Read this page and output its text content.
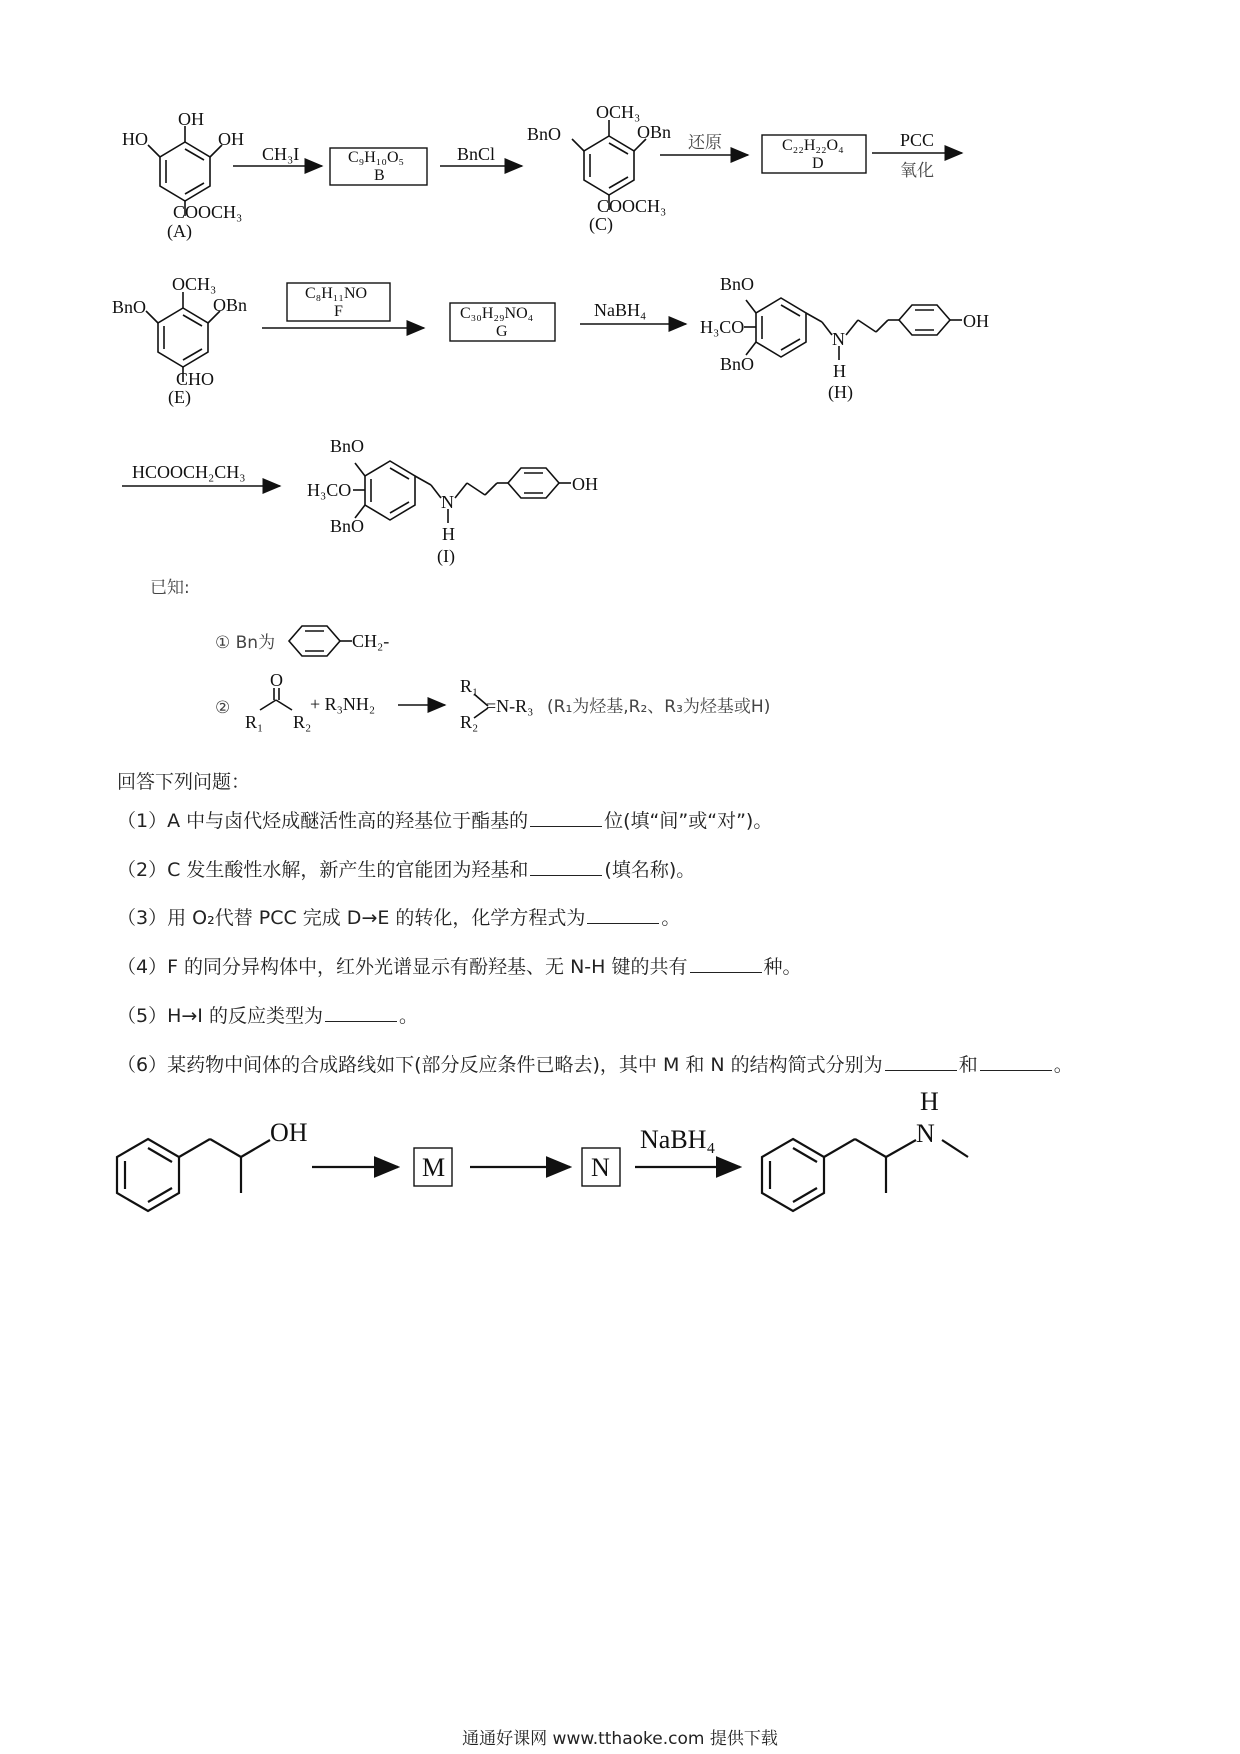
OH
HO	OH
COOCH₃
(A)
CH₃I	C₉H₁₀O₅
B
BnCl
OCH₃
BnO	OBn
COOCH₃
(C)
还原	C₂₂H₂₂O₄
D
PCC
氧化
OCH₃
BnO	OBn
CHO
(E)
C₈H₁₁NO
F	C₃₀H₂₉NO₄
G
NaBH₄
BnO
H₃CO
BnO
N
H
OH
(H)
HCOOCH₂CH₃
BnO
H₃CO
BnO
N
H
OH
(I)
已知:
① Bn为	CH₂-
②
O
R₁ R₂
+ R₃NH₂
R₁
R₂
=N-R₃ (R₁为烃基,R₂、R₃为烃基或H)
OH
M	N
NaBH₄
H
N
回答下列问题：
（1）A 中与卤代烃成醚活性高的羟基位于酯基的	位(填“间”或“对”)。
（2）C 发生酸性水解，新产生的官能团为羟基和	(填名称)。
（3）用 O₂代替 PCC 完成 D→E 的转化，化学方程式为	。
（4）F 的同分异构体中，红外光谱显示有酚羟基、无 N-H 键的共有	种。
（5）H→I 的反应类型为	。
（6）某药物中间体的合成路线如下(部分反应条件已略去)，其中 M 和 N 的结构简式分别为	和	。
通通好课网 www.tthaoke.com 提供下载
